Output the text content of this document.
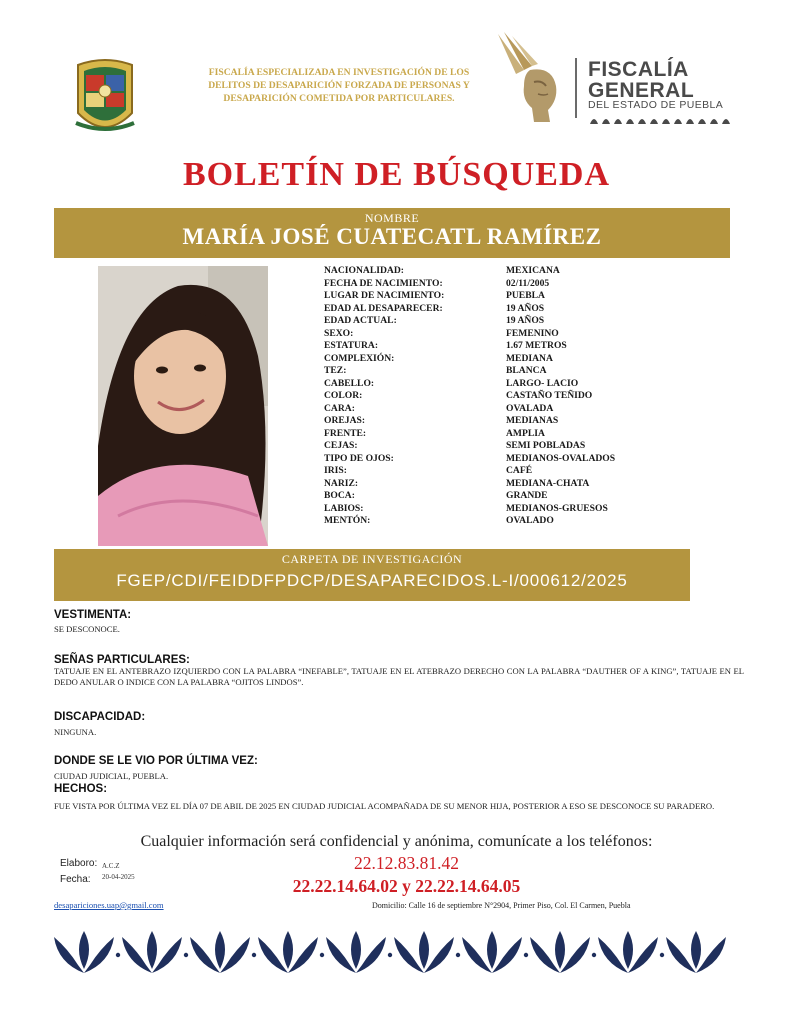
FISCALÍA ESPECIALIZADA EN INVESTIGACIÓN DE LOS DELITOS DE DESAPARICIÓN FORZADA DE PERSONAS Y DESAPARICIÓN COMETIDA POR PARTICULARES.
FISCALÍA
GENERAL
DEL ESTADO DE PUEBLA
BOLETÍN DE BÚSQUEDA
NOMBRE
MARÍA JOSÉ CUATECATL RAMÍREZ
NACIONALIDAD:	MEXICANA
FECHA DE NACIMIENTO:	02/11/2005
LUGAR DE NACIMIENTO:	PUEBLA
EDAD AL DESAPARECER:	19 AÑOS
EDAD ACTUAL:	19 AÑOS
SEXO:	FEMENINO
ESTATURA:	1.67 METROS
COMPLEXIÓN:	MEDIANA
TEZ:	BLANCA
CABELLO:	LARGO- LACIO
COLOR:	CASTAÑO TEÑIDO
CARA:	OVALADA
OREJAS:	MEDIANAS
FRENTE:	AMPLIA
CEJAS:	SEMI POBLADAS
TIPO DE OJOS:	MEDIANOS-OVALADOS
IRIS:	CAFÉ
NARIZ:	MEDIANA-CHATA
BOCA:	GRANDE
LABIOS:	MEDIANOS-GRUESOS
MENTÓN:	OVALADO
CARPETA DE INVESTIGACIÓN
FGEP/CDI/FEIDDFPDCP/DESAPARECIDOS.L-I/000612/2025
VESTIMENTA:
SE DESCONOCE.
SEÑAS PARTICULARES:
TATUAJE EN EL ANTEBRAZO IZQUIERDO CON LA PALABRA “INEFABLE”, TATUAJE EN EL ATEBRAZO DERECHO CON LA PALABRA “DAUTHER OF A KING”, TATUAJE EN EL DEDO ANULAR O INDICE CON LA PALABRA “OJITOS LINDOS”.
DISCAPACIDAD:
NINGUNA.
DONDE SE LE VIO POR ÚLTIMA VEZ:
CIUDAD JUDICIAL, PUEBLA.
HECHOS:
FUE VISTA POR ÚLTIMA VEZ EL DÍA 07 DE ABIL DE 2025 EN CIUDAD JUDICIAL ACOMPAÑADA DE SU MENOR HIJA, POSTERIOR A ESO SE DESCONOCE SU PARADERO.
Cualquier información será confidencial y anónima, comunícate a los teléfonos:
22.12.83.81.42
22.22.14.64.02 y 22.22.14.64.05
Elaboro: A.C.Z
Fecha: 20-04-2025
desapariciones.uap@gmail.com	Domicilio: Calle 16 de septiembre N°2904, Primer Piso, Col. El Carmen, Puebla
